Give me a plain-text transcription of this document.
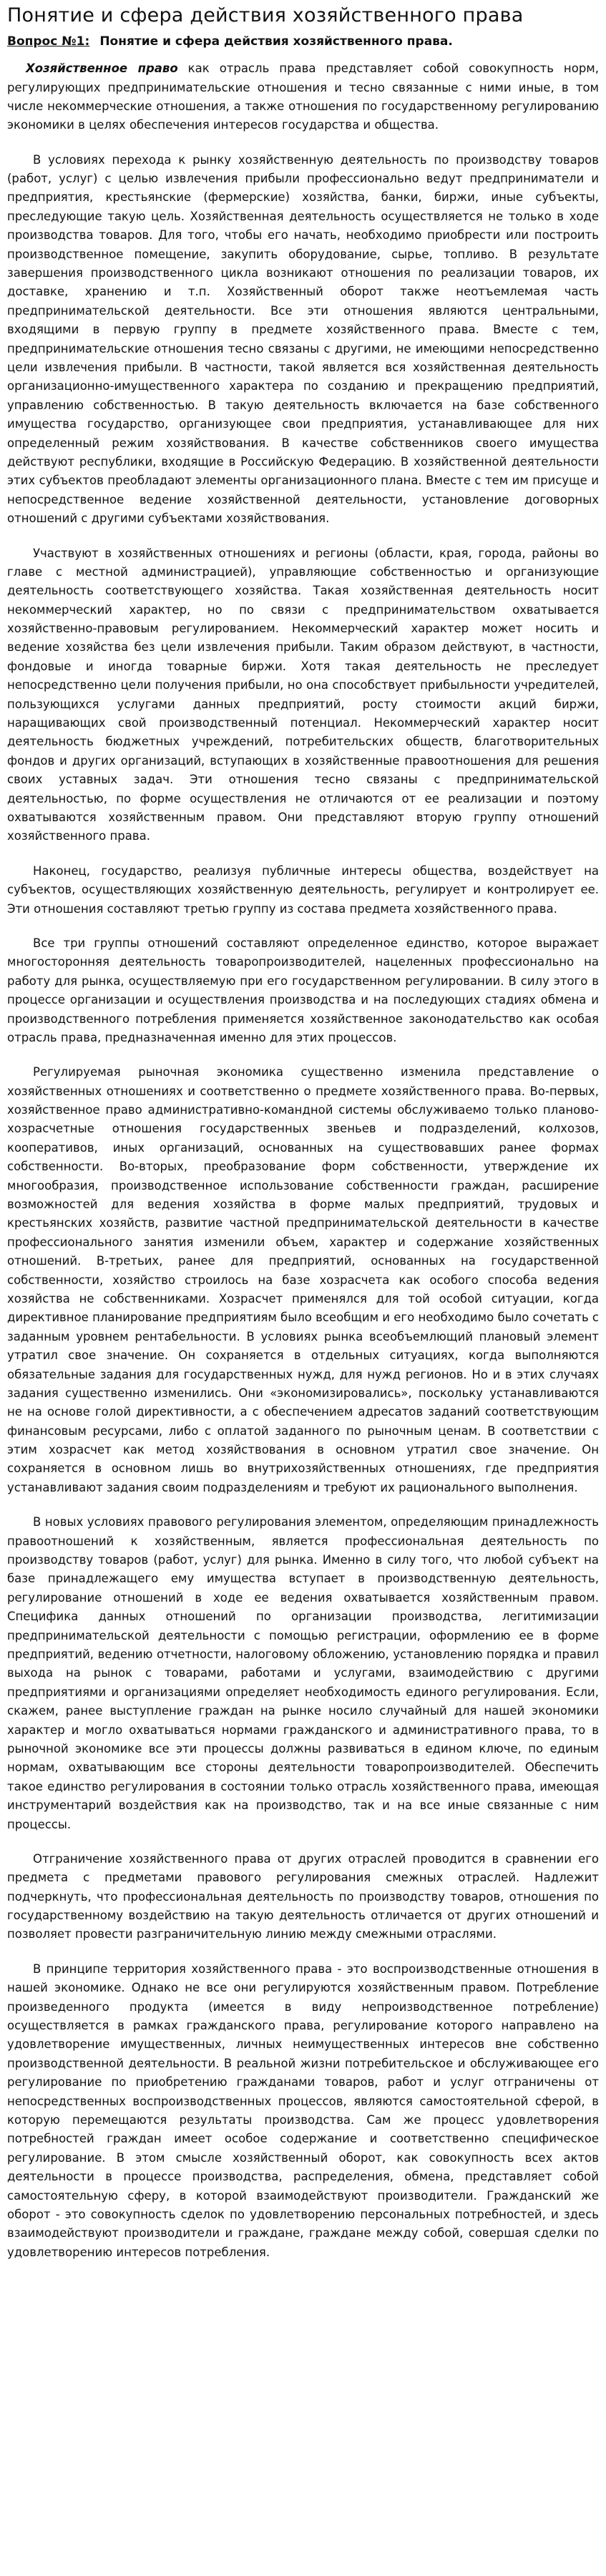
Понятие и сфера действия хозяйственного права
Вопрос №1: Понятие и сфера действия хозяйственного права.

Хозяйственное право как отрасль права представляет собой совокупность норм, регулирующих предпринимательские отношения и тесно связанные с ними иные, в том числе некоммерческие отношения, а также отношения по государственному регулированию экономики в целях обеспечения интересов государства и общества.

В условиях перехода к рынку хозяйственную деятельность по производству товаров (работ, услуг) с целью извлечения прибыли профессионально ведут предприниматели и предприятия, крестьянские (фермерские) хозяйства, банки, биржи, иные субъекты, преследующие такую цель. Хозяйственная деятельность осуществляется не только в ходе производства товаров. Для того, чтобы его начать, необходимо приобрести или построить производственное помещение, закупить оборудование, сырье, топливо. В результате завершения производственного цикла возникают отношения по реализации товаров, их доставке, хранению и т.п. Хозяйственный оборот также неотъемлемая часть предпринимательской деятельности. Все эти отношения являются центральными, входящими в первую группу в предмете хозяйственного права. Вместе с тем, предпринимательские отношения тесно связаны с другими, не имеющими непосредственно цели извлечения прибыли. В частности, такой является вся хозяйственная деятельность организационно-имущественного характера по созданию и прекращению предприятий, управлению собственностью. В такую деятельность включается на базе собственного имущества государство, организующее свои предприятия, устанавливающее для них определенный режим хозяйствования. В качестве собственников своего имущества действуют республики, входящие в Российскую Федерацию. В хозяйственной деятельности этих субъектов преобладают элементы организационного плана. Вместе с тем им присуще и непосредственное ведение хозяйственной деятельности, установление договорных отношений с другими субъектами хозяйствования.

Участвуют в хозяйственных отношениях и регионы (области, края, города, районы во главе с местной администрацией), управляющие собственностью и организующие деятельность соответствующего хозяйства. Такая хозяйственная деятельность носит некоммерческий характер, но по связи с предпринимательством охватывается хозяйственно-правовым регулированием. Некоммерческий характер может носить и ведение хозяйства без цели извлечения прибыли. Таким образом действуют, в частности, фондовые и иногда товарные биржи. Хотя такая деятельность не преследует непосредственно цели получения прибыли, но она способствует прибыльности учредителей, пользующихся услугами данных предприятий, росту стоимости акций биржи, наращивающих свой производственный потенциал. Некоммерческий характер носит деятельность бюджетных учреждений, потребительских обществ, благотворительных фондов и других организаций, вступающих в хозяйственные правоотношения для решения своих уставных задач. Эти отношения тесно связаны с предпринимательской деятельностью, по форме осуществления не отличаются от ее реализации и поэтому охватываются хозяйственным правом. Они представляют вторую группу отношений хозяйственного права.

Наконец, государство, реализуя публичные интересы общества, воздействует на субъектов, осуществляющих хозяйственную деятельность, регулирует и контролирует ее. Эти отношения составляют третью группу из состава предмета хозяйственного права.

Все три группы отношений составляют определенное единство, которое выражает многосторонняя деятельность товаропроизводителей, нацеленных профессионально на работу для рынка, осуществляемую при его государственном регулировании. В силу этого в процессе организации и осуществления производства и на последующих стадиях обмена и производственного потребления применяется хозяйственное законодательство как особая отрасль права, предназначенная именно для этих процессов.

Регулируемая рыночная экономика существенно изменила представление о хозяйственных отношениях и соответственно о предмете хозяйственного права. Во-первых, хозяйственное право административно-командной системы обслуживаемо только планово-хозрасчетные отношения государственных звеньев и подразделений, колхозов, кооперативов, иных организаций, основанных на существовавших ранее формах собственности. Во-вторых, преобразование форм собственности, утверждение их многообразия, производственное использование собственности граждан, расширение возможностей для ведения хозяйства в форме малых предприятий, трудовых и крестьянских хозяйств, развитие частной предпринимательской деятельности в качестве профессионального занятия изменили объем, характер и содержание хозяйственных отношений. В-третьих, ранее для предприятий, основанных на государственной собственности, хозяйство строилось на базе хозрасчета как особого способа ведения хозяйства не собственниками. Хозрасчет применялся для той особой ситуации, когда директивное планирование предприятиям было всеобщим и его необходимо было сочетать с заданным уровнем рентабельности. В условиях рынка всеобъемлющий плановый элемент утратил свое значение. Он сохраняется в отдельных ситуациях, когда выполняются обязательные задания для государственных нужд, для нужд регионов. Но и в этих случаях задания существенно изменились. Они «экономизировались», поскольку устанавливаются не на основе голой директивности, а с обеспечением адресатов заданий соответствующим финансовым ресурсами, либо с оплатой заданного по рыночным ценам. В соответствии с этим хозрасчет как метод хозяйствования в основном утратил свое значение. Он сохраняется в основном лишь во внутрихозяйственных отношениях, где предприятия устанавливают задания своим подразделениям и требуют их рационального выполнения.

В новых условиях правового регулирования элементом, определяющим принадлежность правоотношений к хозяйственным, является профессиональная деятельность по производству товаров (работ, услуг) для рынка. Именно в силу того, что любой субъект на базе принадлежащего ему имущества вступает в производственную деятельность, регулирование отношений в ходе ее ведения охватывается хозяйственным правом. Специфика данных отношений по организации производства, легитимизации предпринимательской деятельности с помощью регистрации, оформлению ее в форме предприятий, ведению отчетности, налоговому обложению, установлению порядка и правил выхода на рынок с товарами, работами и услугами, взаимодействию с другими предприятиями и организациями определяет необходимость единого регулирования. Если, скажем, ранее выступление граждан на рынке носило случайный для нашей экономики характер и могло охватываться нормами гражданского и административного права, то в рыночной экономике все эти процессы должны развиваться в едином ключе, по единым нормам, охватывающим все стороны деятельности товаропроизводителей. Обеспечить такое единство регулирования в состоянии только отрасль хозяйственного права, имеющая инструментарий воздействия как на производство, так и на все иные связанные с ним процессы.

Отграничение хозяйственного права от других отраслей проводится в сравнении его предмета с предметами правового регулирования смежных отраслей. Надлежит подчеркнуть, что профессиональная деятельность по производству товаров, отношения по государственному воздействию на такую деятельность отличается от других отношений и позволяет провести разграничительную линию между смежными отраслями.

В принципе территория хозяйственного права - это воспроизводственные отношения в нашей экономике. Однако не все они регулируются хозяйственным правом. Потребление произведенного продукта (имеется в виду непроизводственное потребление) осуществляется в рамках гражданского права, регулирование которого направлено на удовлетворение имущественных, личных неимущественных интересов вне собственно производственной деятельности. В реальной жизни потребительское и обслуживающее его регулирование по приобретению гражданами товаров, работ и услуг отграничены от непосредственных воспроизводственных процессов, являются самостоятельной сферой, в которую перемещаются результаты производства. Сам же процесс удовлетворения потребностей граждан имеет особое содержание и соответственно специфическое регулирование. В этом смысле хозяйственный оборот, как совокупность всех актов деятельности в процессе производства, распределения, обмена, представляет собой самостоятельную сферу, в которой взаимодействуют производители. Гражданский же оборот - это совокупность сделок по удовлетворению персональных потребностей, и здесь взаимодействуют производители и граждане, граждане между собой, совершая сделки по удовлетворению интересов потребления.
